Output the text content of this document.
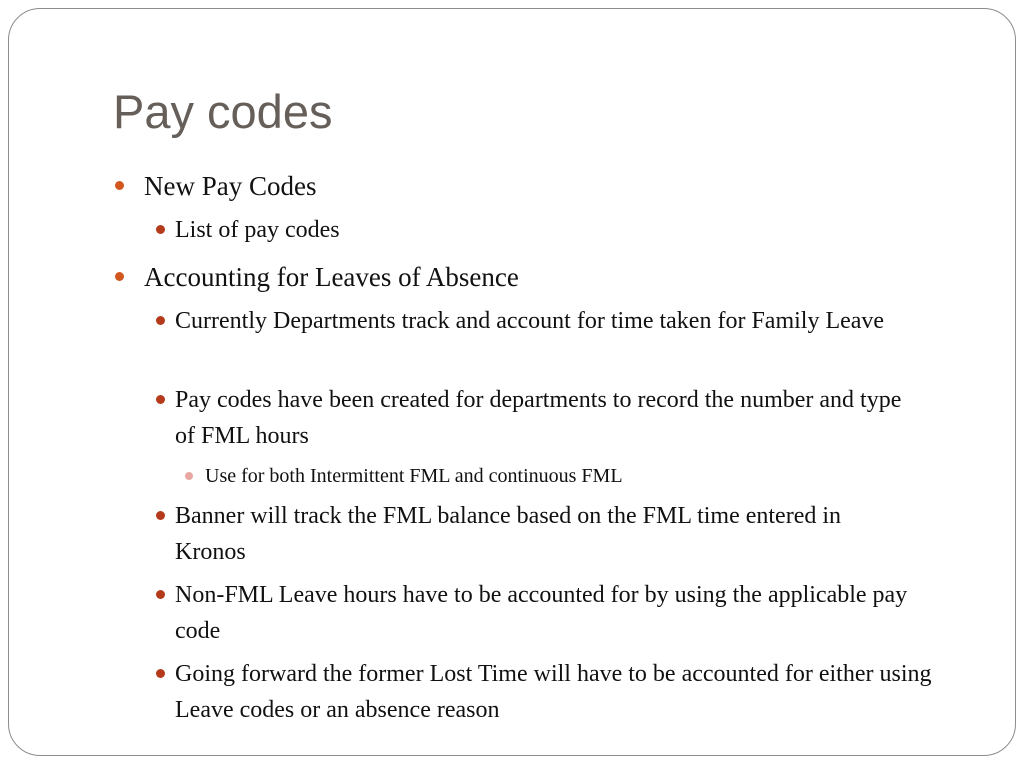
Pay codes
New Pay Codes
List of pay codes
Accounting for Leaves of Absence
Currently Departments track and account for time taken for Family Leave
Pay codes have been created for departments to record the number and type of FML hours
Use for both Intermittent FML and continuous FML
Banner will track the FML balance based on the FML time entered in Kronos
Non-FML Leave hours have to be accounted for by using the applicable pay code
Going forward the former Lost Time will have to be accounted for either using Leave codes or an absence reason
